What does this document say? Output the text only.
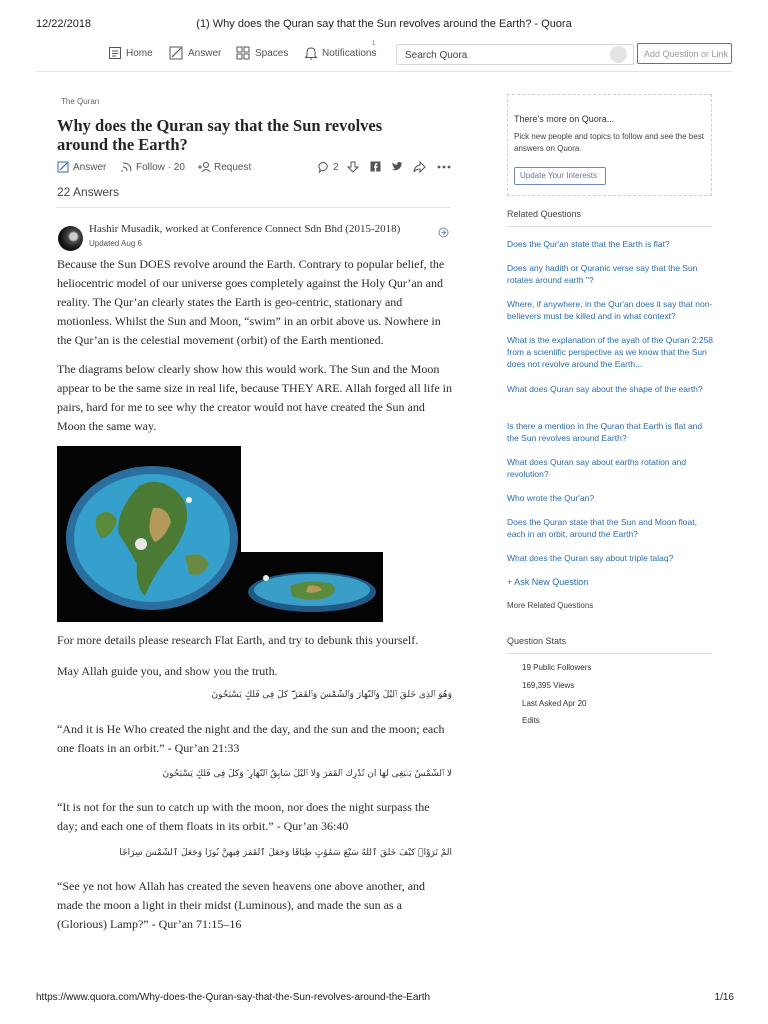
12/22/2018	(1) Why does the Quran say that the Sun revolves around the Earth? - Quora
Home	Answer	Spaces	Notifications
1
Search Quora	Add Question or Link
The Quran
Why does the Quran say that the Sun revolves around the Earth?
Answer	Follow · 20	Request	2
22 Answers
Hashir Musadik, worked at Conference Connect Sdn Bhd (2015-2018)
Updated Aug 6
Because the Sun DOES revolve around the Earth. Contrary to popular belief, the heliocentric model of our universe goes completely against the Holy Qur’an and reality. The Qur’an clearly states the Earth is geo-centric, stationary and motionless. Whilst the Sun and Moon, “swim” in an orbit above us. Nowhere in the Qur’an is the celestial movement (orbit) of the Earth mentioned.
The diagrams below clearly show how this would work. The Sun and the Moon appear to be the same size in real life, because THEY ARE. Allah forged all life in pairs, hard for me to see why the creator would not have created the Sun and Moon the same way.
For more details please research Flat Earth, and try to debunk this yourself.
May Allah guide you, and show you the truth.
وَهُوَ ٱلَّذِى خَلَقَ ٱلَّيْلَ وَٱلنَّهَارَ وَٱلشَّمْسَ وَٱلْقَمَرَ ۖ كُلٌّ فِى فَلَكٍ يَسْبَحُونَ
“And it is He Who created the night and the day, and the sun and the moon; each one floats in an orbit.” - Qur’an 21:33
لَا ٱلشَّمْسُ يَنۢبَغِى لَهَآ أَن تُدْرِكَ ٱلْقَمَرَ وَلَا ٱلَّيْلُ سَابِقُ ٱلنَّهَارِ ۚ وَكُلٌّ فِى فَلَكٍ يَسْبَحُونَ
“It is not for the sun to catch up with the moon, nor does the night surpass the day; and each one of them floats in its orbit.” - Qur’an 36:40
أَلَمْ تَرَوْا۟ كَيْفَ خَلَقَ ٱللَّهُ سَبْعَ سَمَٰوَٰتٍ طِبَاقًا وَجَعَلَ ٱلْقَمَرَ فِيهِنَّ نُورًا وَجَعَلَ ٱلشَّمْسَ سِرَاجًا
“See ye not how Allah has created the seven heavens one above another, and made the moon a light in their midst (Luminous), and made the sun as a (Glorious) Lamp?” - Qur’an 71:15–16
There's more on Quora...
Pick new people and topics to follow and see the best answers on Quora.
Update Your Interests
Related Questions
Does the Qur'an state that the Earth is flat?
Does any hadith or Quranic verse say that the Sun rotates around earth "?
Where, if anywhere, in the Qur'an does it say that non-believers must be killed and in what context?
What is the explanation of the ayah of the Quran 2:258 from a scientific perspective as we know that the Sun does not revolve around the Earth...
What does Quran say about the shape of the earth?
Is there a mention in the Quran that Earth is flat and the Sun revolves around Earth?
What does Quran say about earths rotation and revolution?
Who wrote the Qur'an?
Does the Quran state that the Sun and Moon float, each in an orbit, around the Earth?
What does the Quran say about triple talaq?
+ Ask New Question
More Related Questions
Question Stats
19 Public Followers
169,395 Views
Last Asked Apr 20
Edits
https://www.quora.com/Why-does-the-Quran-say-that-the-Sun-revolves-around-the-Earth	1/16
